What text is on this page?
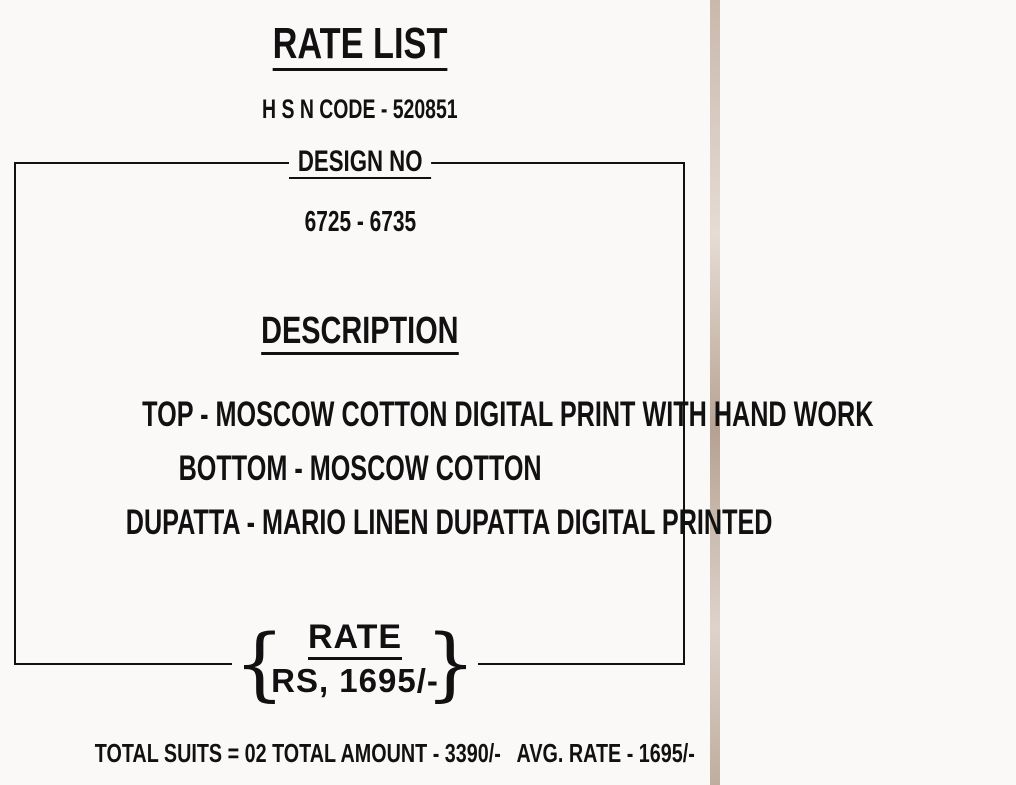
RATE LIST
H S N CODE - 520851
DESIGN NO
6725 - 6735
DESCRIPTION
TOP - MOSCOW COTTON DIGITAL PRINT WITH HAND WORK
BOTTOM - MOSCOW COTTON
DUPATTA - MARIO LINEN DUPATTA DIGITAL PRINTED
{ }
RATE
RS, 1695/-
TOTAL SUITS = 02 TOTAL AMOUNT - 3390/-   AVG. RATE - 1695/-
